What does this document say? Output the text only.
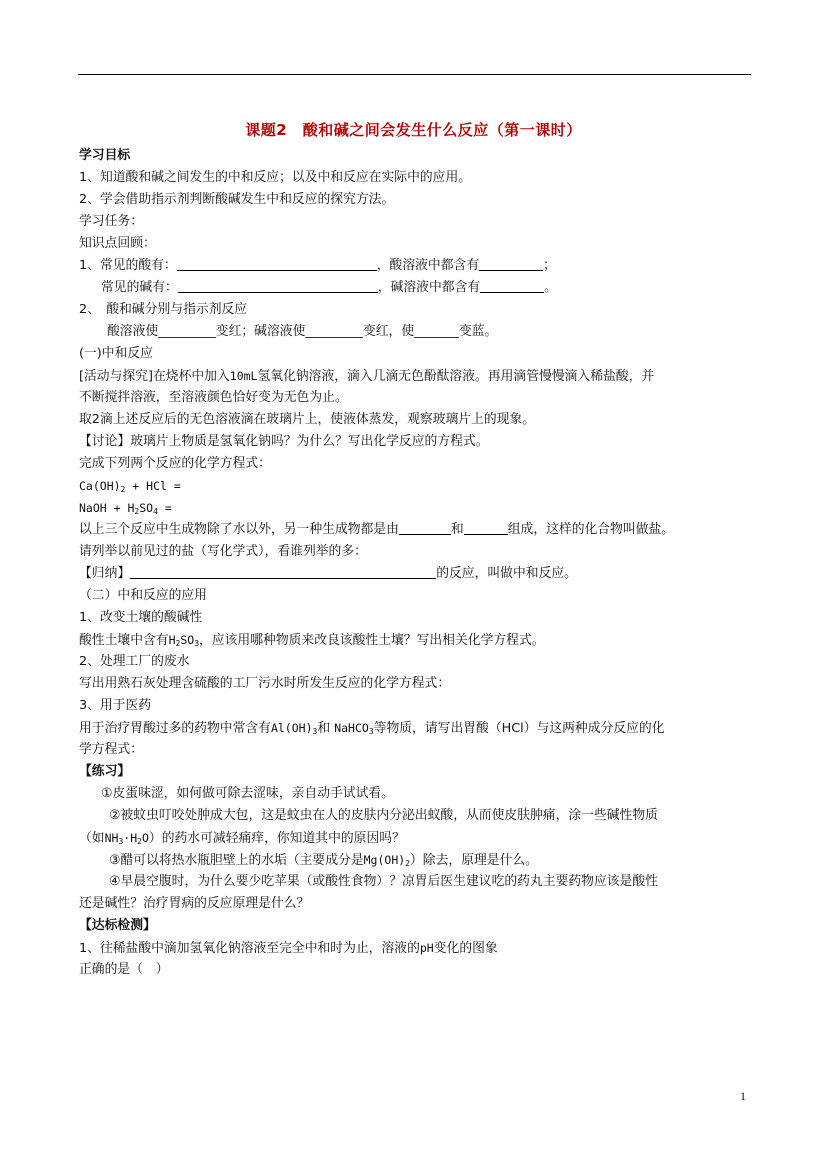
课题2　酸和碱之间会发生什么反应（第一课时）
学习目标
1、知道酸和碱之间发生的中和反应；以及中和反应在实际中的应用。
2、学会借助指示剂判断酸碱发生中和反应的探究方法。
学习任务：
知识点回顾：
1、常见的酸有：	，酸溶液中都含有	；
常见的碱有：	，碱溶液中都含有	。
2、　酸和碱分别与指示剂反应
酸溶液使_________变红；碱溶液使_________变红，使_______变蓝。
(一)中和反应
[活动与探究]在烧杯中加入10mL氢氧化钠溶液，滴入几滴无色酚酞溶液。再用滴管慢慢滴入稀盐酸，并
不断搅拌溶液，至溶液颜色恰好变为无色为止。
取2滴上述反应后的无色溶液滴在玻璃片上，使液体蒸发，观察玻璃片上的现象。
【讨论】玻璃片上物质是氢氧化钠吗？为什么？写出化学反应的方程式。
完成下列两个反应的化学方程式：
$Ca(OH)_2$ + HCl =
NaOH + $H_2SO_4$ =
以上三个反应中生成物除了水以外，另一种生成物都是由	和	组成，这样的化合物叫做盐。
请列举以前见过的盐（写化学式），看谁列举的多：
【归纳】	的反应，叫做中和反应。
（二）中和反应的应用
1、改变土壤的酸碱性
酸性土壤中含有$H_2SO_3$，应该用哪种物质来改良该酸性土壤？写出相关化学方程式。
2、处理工厂的废水
写出用熟石灰处理含硫酸的工厂污水时所发生反应的化学方程式：
3、用于医药
用于治疗胃酸过多的药物中常含有$Al(OH)_3$和 NaHCO$_3$等物质，请写出胃酸（HCl）与这两种成分反应的化
学方程式：
【练习】
①皮蛋味涩，如何做可除去涩味，亲自动手试试看。
②被蚊虫叮咬处肿成大包，这是蚊虫在人的皮肤内分泌出蚁酸，从而使皮肤肿痛，涂一些碱性物质
（如$NH_3\cdot H_2O$）的药水可减轻痛痒，你知道其中的原因吗？
③醋可以将热水瓶胆壁上的水垢（主要成分是$Mg(OH)_2$）除去，原理是什么。
④早晨空腹时，为什么要少吃苹果（或酸性食物）？凉胃后医生建议吃的药丸主要药物应该是酸性
还是碱性？治疗胃病的反应原理是什么？
【达标检测】
1、往稀盐酸中滴加氢氧化钠溶液至完全中和时为止，溶液的pH变化的图象
正确的是（　）
1
